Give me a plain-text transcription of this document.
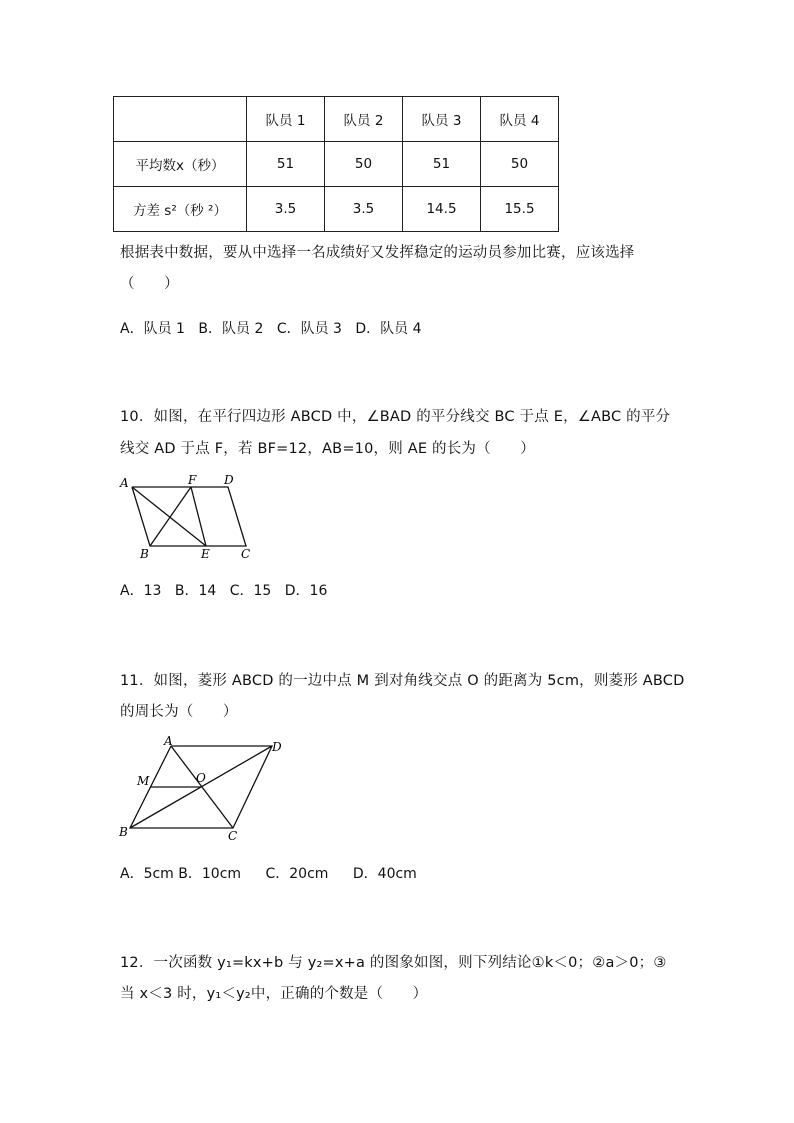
	队员 1	队员 2	队员 3	队员 4
平均数x（秒）	51	50	51	50
方差 s²（秒 ²）	3.5	3.5	14.5	15.5
根据表中数据，要从中选择一名成绩好又发挥稳定的运动员参加比赛，应该选择
（　　）
A．队员 1 B．队员 2 C．队员 3 D．队员 4
10．如图，在平行四边形 ABCD 中，∠BAD 的平分线交 BC 于点 E，∠ABC 的平分
线交 AD 于点 F，若 BF=12，AB=10，则 AE 的长为（　　）
A	F D
B	E	C
A．13 B．14 C．15 D．16
11．如图，菱形 ABCD 的一边中点 M 到对角线交点 O 的距离为 5cm，则菱形 ABCD
的周长为（　　）
A	D
M	O
B	C
A．5cm B．10cm C．20cm D．40cm
12．一次函数 y₁=kx+b 与 y₂=x+a 的图象如图，则下列结论①k＜0；②a＞0；③
当 x＜3 时，y₁＜y₂中，正确的个数是（　　）
